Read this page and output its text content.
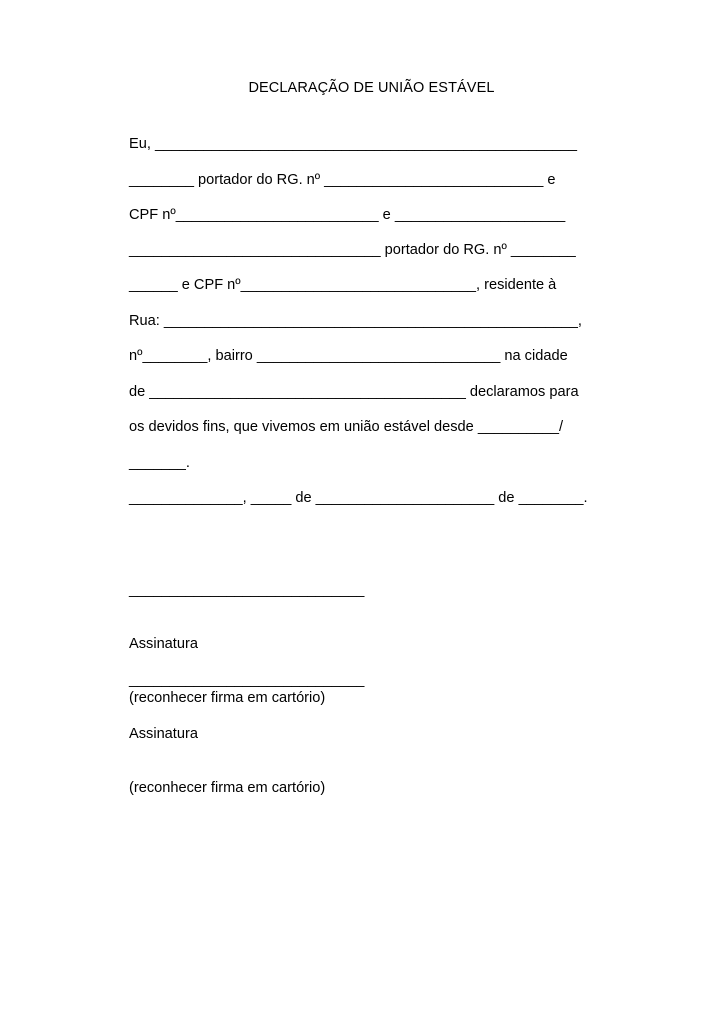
DECLARAÇÃO DE UNIÃO ESTÁVEL
Eu, ____________________________________________________
________ portador do RG. nº ___________________________ e
CPF nº_________________________ e _____________________
_______________________________ portador do RG. nº ________
______ e CPF nº_____________________________, residente à
Rua: ___________________________________________________,
nº________, bairro ______________________________ na cidade
de _______________________________________ declaramos para
os devidos fins, que vivemos em união estável desde __________/
_______.
______________, _____ de ______________________ de ________.

_____________________________

Assinatura

(reconhecer firma em cartório)

_____________________________

Assinatura

(reconhecer firma em cartório)
